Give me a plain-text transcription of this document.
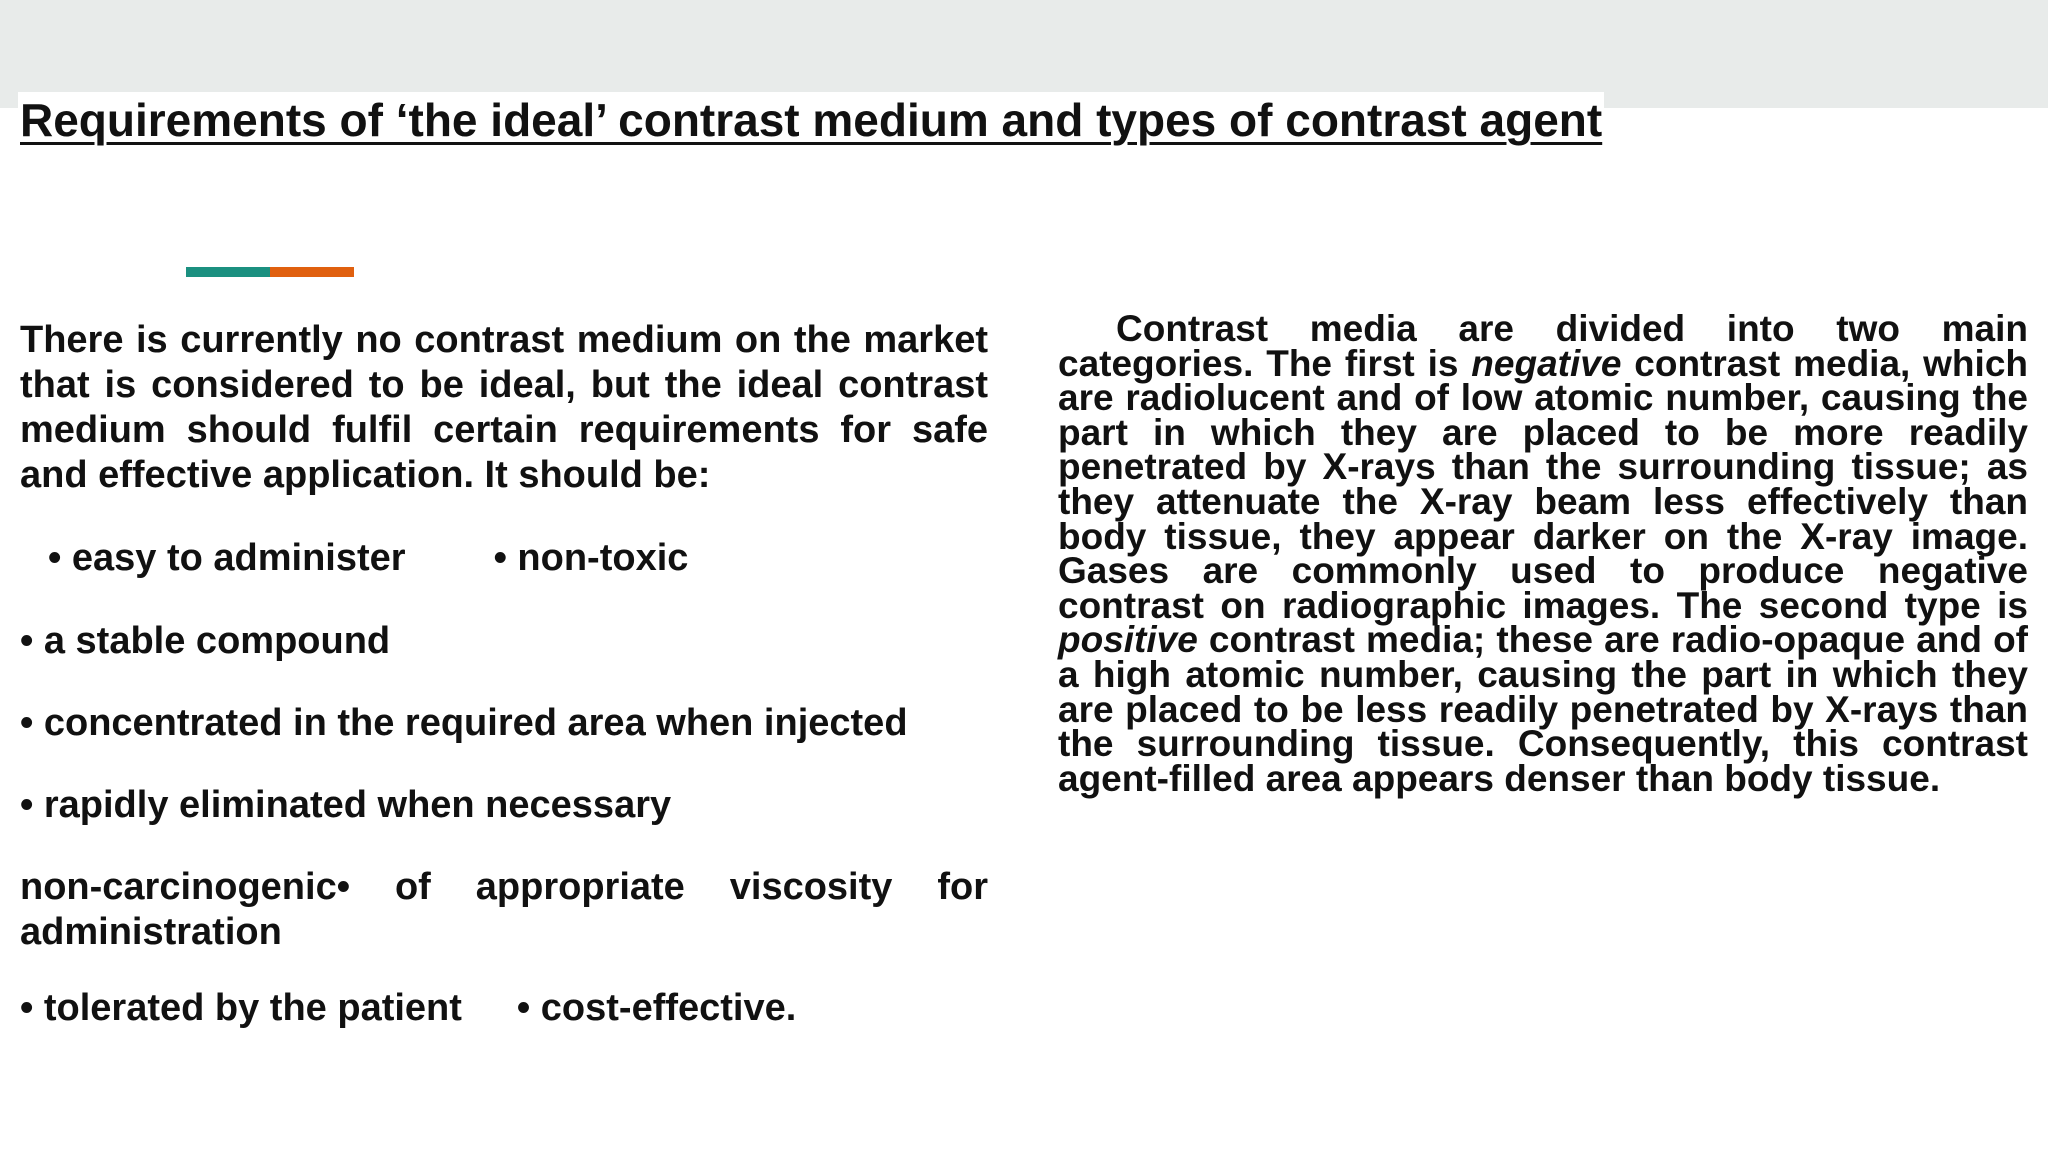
Requirements of ‘the ideal’ contrast medium and types of contrast agent

There is currently no contrast medium on the market that is considered to be ideal, but the ideal contrast medium should fulfil certain requirements for safe and effective application. It should be:

• easy to administer • non-toxic
• a stable compound
• concentrated in the required area when injected
• rapidly eliminated when necessary
non-carcinogenic• of appropriate viscosity for administration
• tolerated by the patient • cost-effective.

Contrast media are divided into two main categories. The first is negative contrast media, which are radiolucent and of low atomic number, causing the part in which they are placed to be more readily penetrated by X-rays than the surrounding tissue; as they attenuate the X-ray beam less effectively than body tissue, they appear darker on the X-ray image. Gases are commonly used to produce negative contrast on radiographic images. The second type is positive contrast media; these are radio-opaque and of a high atomic number, causing the part in which they are placed to be less readily penetrated by X-rays than the surrounding tissue. Consequently, this contrast agent-filled area appears denser than body tissue.
